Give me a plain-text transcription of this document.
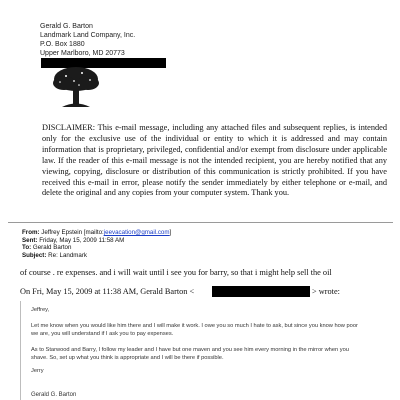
Gerald G. Barton
Landmark Land Company, Inc.
P.O. Box 1880
Upper Marlboro, MD 20773
DISCLAIMER: This e-mail message, including any attached files and subsequent replies, is intended only for the exclusive use of the individual or entity to which it is addressed and may contain information that is proprietary, privileged, confidential and/or exempt from disclosure under applicable law. If the reader of this e-mail message is not the intended recipient, you are hereby notified that any viewing, copying, disclosure or distribution of this communication is strictly prohibited. If you have received this e-mail in error, please notify the sender immediately by either telephone or e-mail, and delete the original and any copies from your computer system. Thank you.
From: Jeffrey Epstein [mailto:jeevacation@gmail.com]
Sent: Friday, May 15, 2009 11:58 AM
To: Gerald Barton
Subject: Re: Landmark
of course . re expenses. and i will wait until i see you for barry, so that i might help sell the oil
On Fri, May 15, 2009 at 11:38 AM, Gerald Barton <	> wrote:

Jeffrey,

Let me know when you would like him there and I will make it work. I owe you so much I hate to ask, but since you know how poor we are, you will understand if I ask you to pay expenses.

As to Starwood and Barry, I follow my leader and I have but one maven and you see him every morning in the mirror when you shave. So, set up what you think is appropriate and I will be there if possible.

Jerry

Gerald G. Barton
